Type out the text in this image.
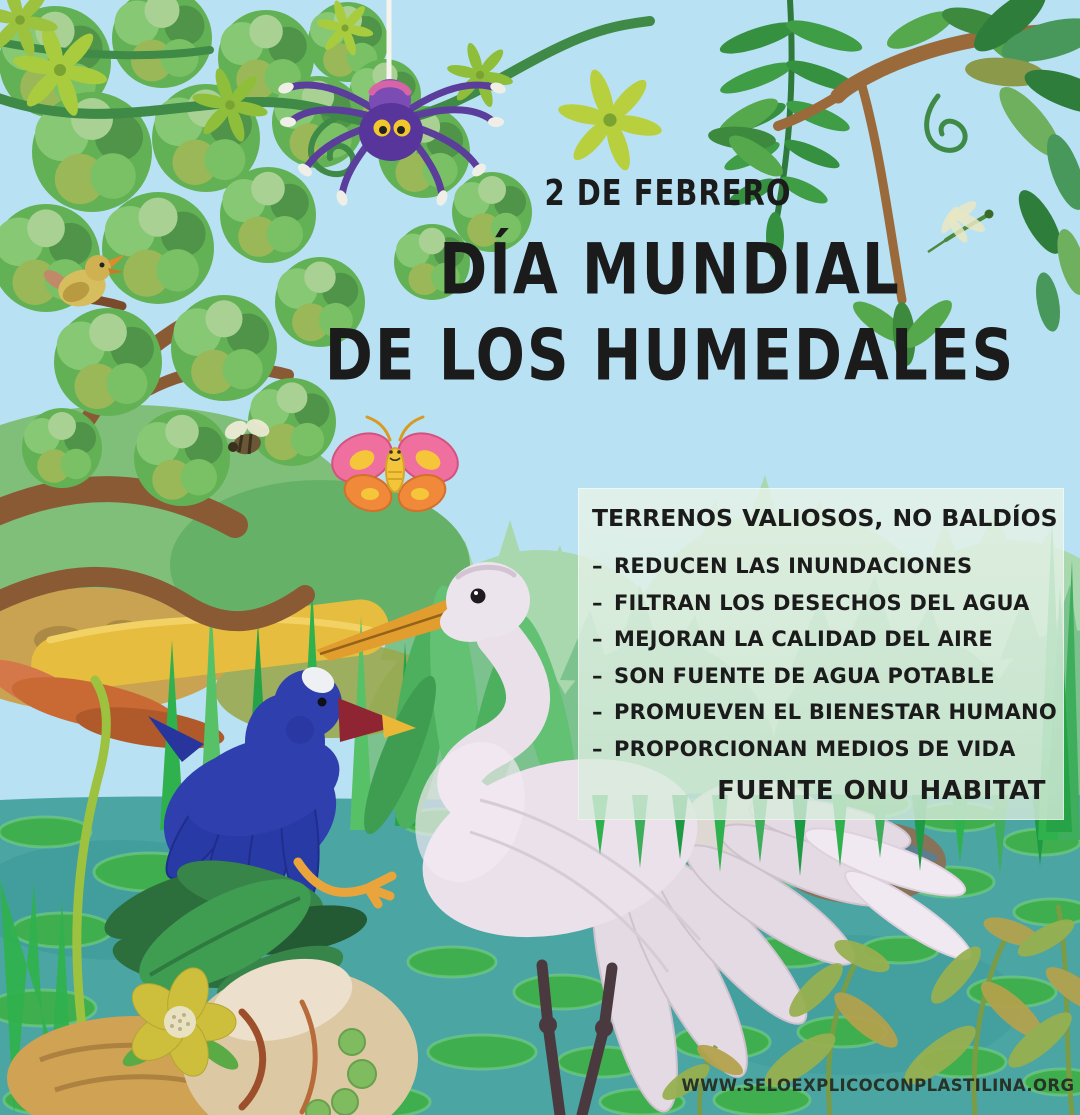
2 DE FEBRERO
DÍA MUNDIAL
DE LOS HUMEDALES
TERRENOS VALIOSOS, NO BALDÍOS
– REDUCEN LAS INUNDACIONES
– FILTRAN LOS DESECHOS DEL AGUA
– MEJORAN LA CALIDAD DEL AIRE
– SON FUENTE DE AGUA POTABLE
– PROMUEVEN EL BIENESTAR HUMANO
– PROPORCIONAN MEDIOS DE VIDA
FUENTE ONU HABITAT
WWW.SELOEXPLICOCONPLASTILINA.ORG
